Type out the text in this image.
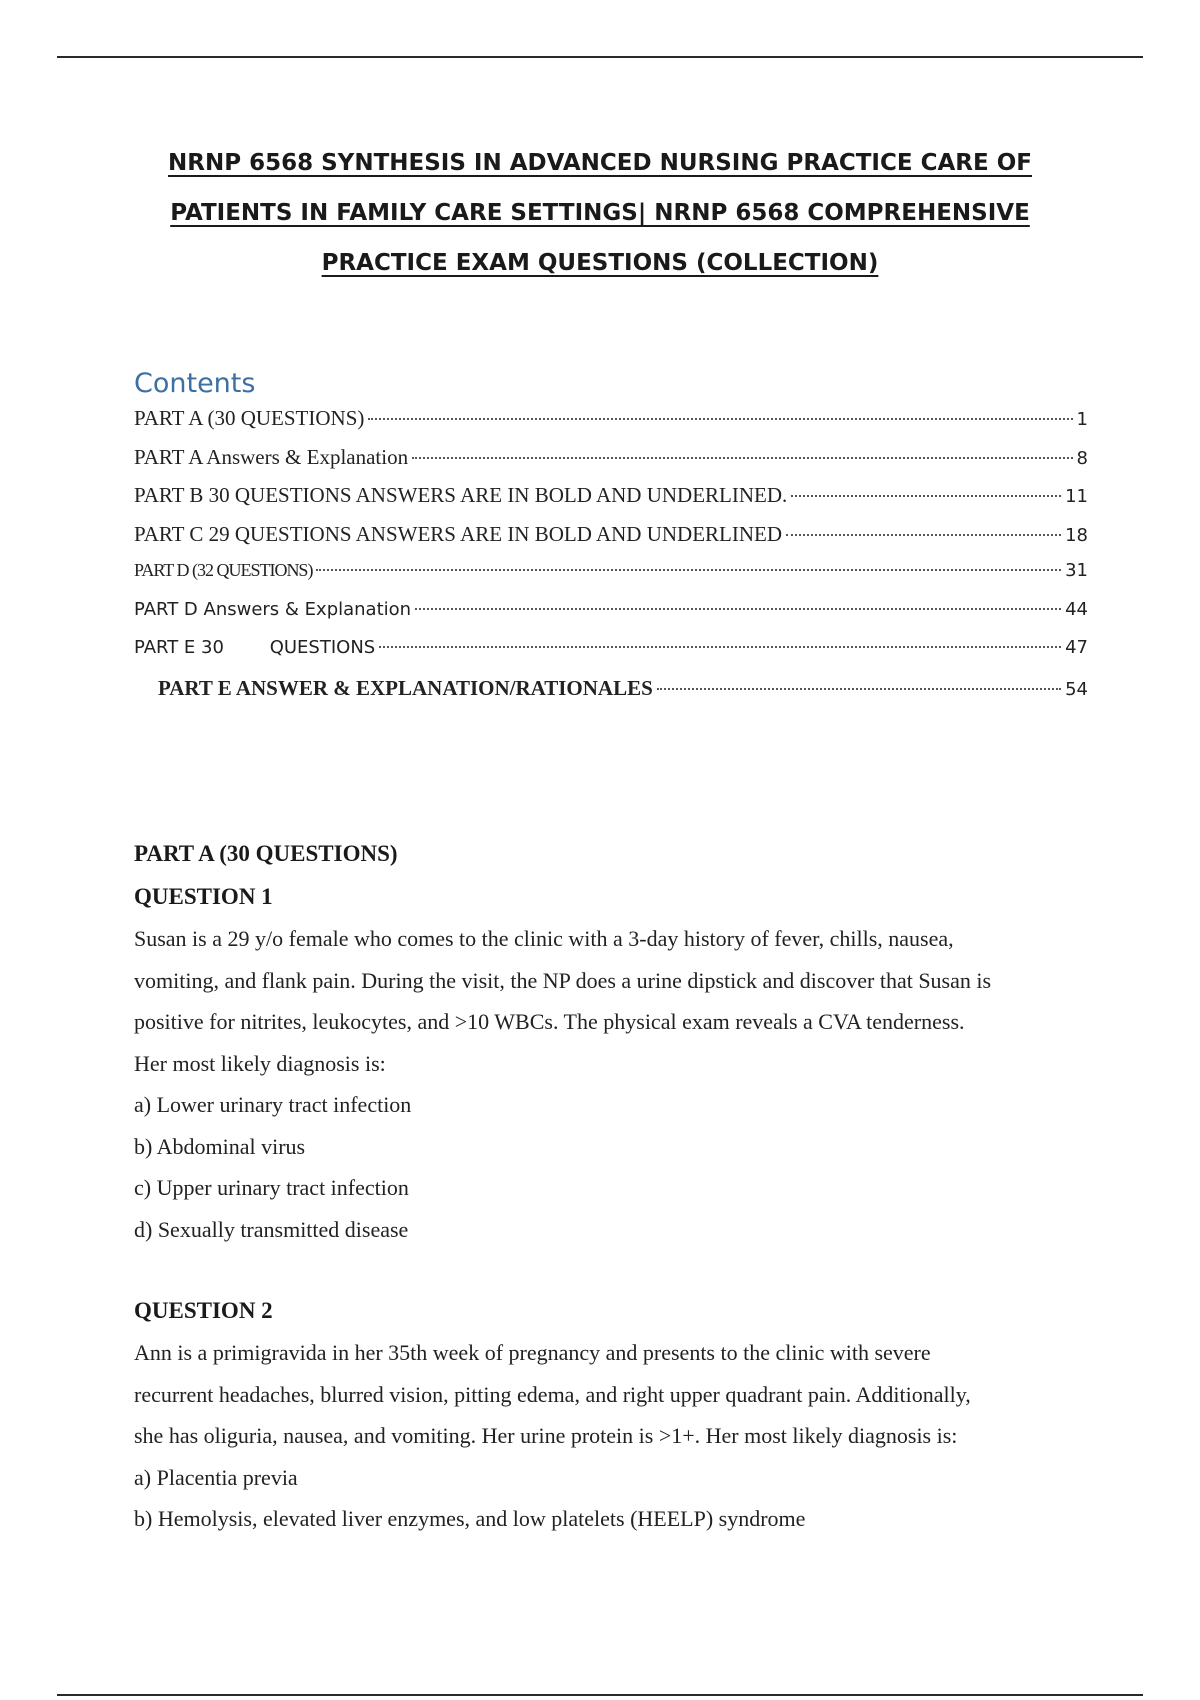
NRNP 6568 SYNTHESIS IN ADVANCED NURSING PRACTICE CARE OF
PATIENTS IN FAMILY CARE SETTINGS| NRNP 6568 COMPREHENSIVE
PRACTICE EXAM QUESTIONS (COLLECTION)
Contents
PART A (30 QUESTIONS)	1
PART A Answers & Explanation	8
PART B 30 QUESTIONS ANSWERS ARE IN BOLD AND UNDERLINED.	11
PART C 29 QUESTIONS ANSWERS ARE IN BOLD AND UNDERLINED	18
PART D (32 QUESTIONS)	31
PART D Answers & Explanation	44
PART E 30        QUESTIONS	47
PART E ANSWER & EXPLANATION/RATIONALES	54

PART A (30 QUESTIONS)

QUESTION 1

Susan is a 29 y/o female who comes to the clinic with a 3-day history of fever, chills, nausea,

vomiting, and flank pain. During the visit, the NP does a urine dipstick and discover that Susan is

positive for nitrites, leukocytes, and >10 WBCs. The physical exam reveals a CVA tenderness.

Her most likely diagnosis is:

a) Lower urinary tract infection

b) Abdominal virus

c) Upper urinary tract infection

d) Sexually transmitted disease

QUESTION 2

Ann is a primigravida in her 35th week of pregnancy and presents to the clinic with severe

recurrent headaches, blurred vision, pitting edema, and right upper quadrant pain. Additionally,

she has oliguria, nausea, and vomiting. Her urine protein is >1+. Her most likely diagnosis is:

a) Placentia previa

b) Hemolysis, elevated liver enzymes, and low platelets (HEELP) syndrome
